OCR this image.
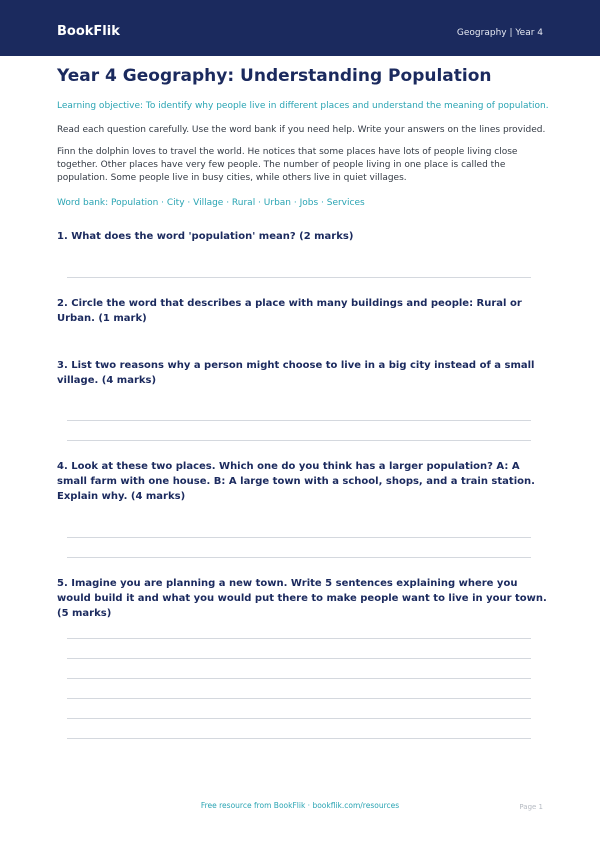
BookFlik	Geography | Year 4
Year 4 Geography: Understanding Population
Learning objective: To identify why people live in different places and understand the meaning of population.
Read each question carefully. Use the word bank if you need help. Write your answers on the lines provided.
Finn the dolphin loves to travel the world. He notices that some places have lots of people living close together. Other places have very few people. The number of people living in one place is called the population. Some people live in busy cities, while others live in quiet villages.
Word bank: Population · City · Village · Rural · Urban · Jobs · Services
1. What does the word 'population' mean? (2 marks)
2. Circle the word that describes a place with many buildings and people: Rural or Urban. (1 mark)
3. List two reasons why a person might choose to live in a big city instead of a small village. (4 marks)
4. Look at these two places. Which one do you think has a larger population? A: A small farm with one house. B: A large town with a school, shops, and a train station. Explain why. (4 marks)
5. Imagine you are planning a new town. Write 5 sentences explaining where you would build it and what you would put there to make people want to live in your town. (5 marks)
Free resource from BookFlik · bookflik.com/resources	Page 1
